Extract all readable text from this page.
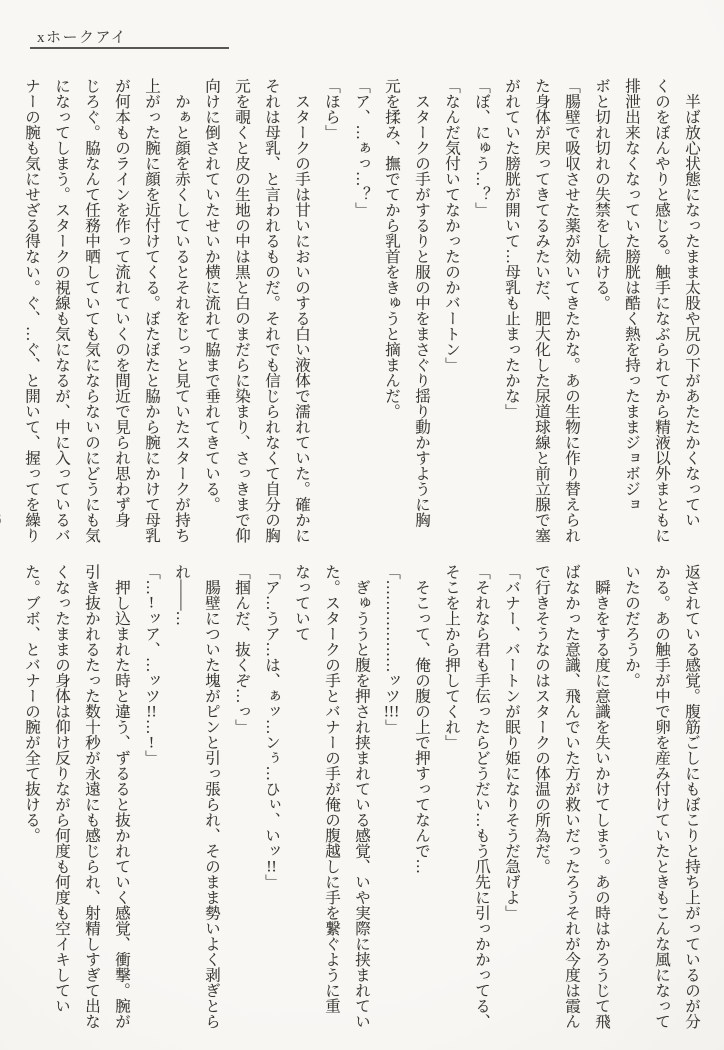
xホークアイ
　半ば放心状態になったまま太股や尻の下があたたかくなってい
くのをぼんやりと感じる。触手になぶられてから精液以外まともに
排泄出来なくなっていた膀胱は酷く熱を持ったままジョボジョ
ボと切れ切れの失禁をし続ける。
「腸壁で吸収させた薬が効いてきたかな。あの生物に作り替えられ
た身体が戻ってきてるみたいだ、肥大化した尿道球線と前立腺で塞
がれていた膀胱が開いて…母乳も止まったかな」
「ぼ、にゅう…？」
「なんだ気付いてなかったのかバートン」
　スタークの手がするりと服の中をまさぐり揺り動かすように胸
元を揉み、撫でてから乳首をきゅうと摘まんだ。
「ア、…ぁっ…？」
「ほら」
　スタークの手は甘いにおいのする白い液体で濡れていた。確かに
それは母乳、と言われるものだ。それでも信じられなくて自分の胸
元を覗くと皮の生地の中は黒と白のまだらに染まり、さっきまで仰
向けに倒されていたせいか横に流れて脇まで垂れてきている。
　かぁと顔を赤くしているとそれをじっと見ていたスタークが持ち
上がった腕に顔を近付けてくる。ぼたぼたと脇から腕にかけて母乳
が何本ものラインを作って流れていくのを間近で見られ思わず身
じろぐ。脇なんて任務中晒していても気にならないのにどうにも気
になってしまう。スタークの視線も気になるが、中に入っているバ
ナーの腕も気にせざる得ない。ぐ、…ぐ、と開いて、握ってを繰り
返されている感覚。腹筋ごしにもぼこりと持ち上がっているのが分
かる。あの触手が中で卵を産み付けていたときもこんな風になって
いたのだろうか。
　瞬きをする度に意識を失いかけてしまう。あの時はかろうじて飛
ばなかった意識、飛んでいた方が救いだったろうそれが今度は霞ん
で行きそうなのはスタークの体温の所為だ。
「バナー、バートンが眠り姫になりそうだ急げよ」
「それなら君も手伝ったらどうだい…もう爪先に引っかかってる、
そこを上から押してくれ」
　そこって、俺の腹の上で押すってなんで…
「………………ッツ!!!」
　ぎゅううと腹を押され挟まれている感覚、いや実際に挟まれてい
た。スタークの手とバナーの手が俺の腹越しに手を繋ぐように重
なっていて
「ア…うア…は、ぁッ…ンぅ…ひぃ、いッ!!」
「掴んだ、抜くぞ…っ」
　腸壁についた塊がピンと引っ張られ、そのまま勢いよく剥ぎとら
れ――…
「…!ッア、…ッツ!!…!」
　押し込まれた時と違う、ずるると抜かれていく感覚、衝撃。腕が
引き抜かれるたった数十秒が永遠にも感じられ、射精しすぎて出な
くなったままの身体は仰け反りながら何度も何度も空イキしてい
た。ブボ、とバナーの腕が全て抜ける。
